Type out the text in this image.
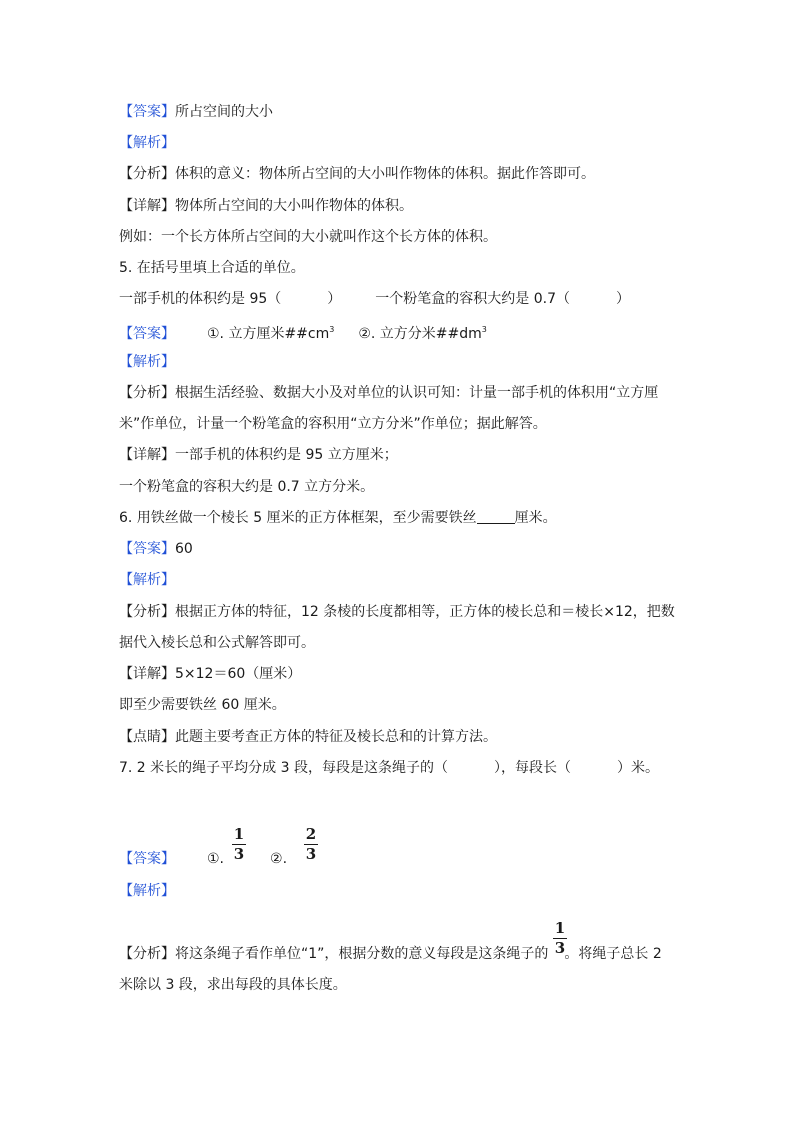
【答案】所占空间的大小
【解析】
【分析】体积的意义：物体所占空间的大小叫作物体的体积。据此作答即可。
【详解】物体所占空间的大小叫作物体的体积。
例如：一个长方体所占空间的大小就叫作这个长方体的体积。
5. 在括号里填上合适的单位。
一部手机的体积约是 95（	） 一个粉笔盒的容积大约是 0.7（	）
【答案】 ①. 立方厘米$\#\#cm^3$ ②. 立方分米$\#\#dm^3$
【解析】
【分析】根据生活经验、数据大小及对单位的认识可知：计量一部手机的体积用“立方厘
米”作单位，计量一个粉笔盒的容积用“立方分米”作单位；据此解答。
【详解】一部手机的体积约是 95 立方厘米；
一个粉笔盒的容积大约是 0.7 立方分米。
6. 用铁丝做一个棱长 5 厘米的正方体框架，至少需要铁丝	厘米。
【答案】60
【解析】
【分析】根据正方体的特征，12 条棱的长度都相等，正方体的棱长总和＝棱长×12，把数
据代入棱长总和公式解答即可。
【详解】5×12＝60（厘米）
即至少需要铁丝 60 厘米。
【点睛】此题主要考查正方体的特征及棱长总和的计算方法。
7. 2 米长的绳子平均分成 3 段，每段是这条绳子的（	），每段长（	）米。
【答案】 ①.	②.
1
3
2
3
【解析】
【分析】将这条绳子看作单位“1”，根据分数的意义每段是这条绳子的 。将绳子总长 2
1
3
米除以 3 段，求出每段的具体长度。
